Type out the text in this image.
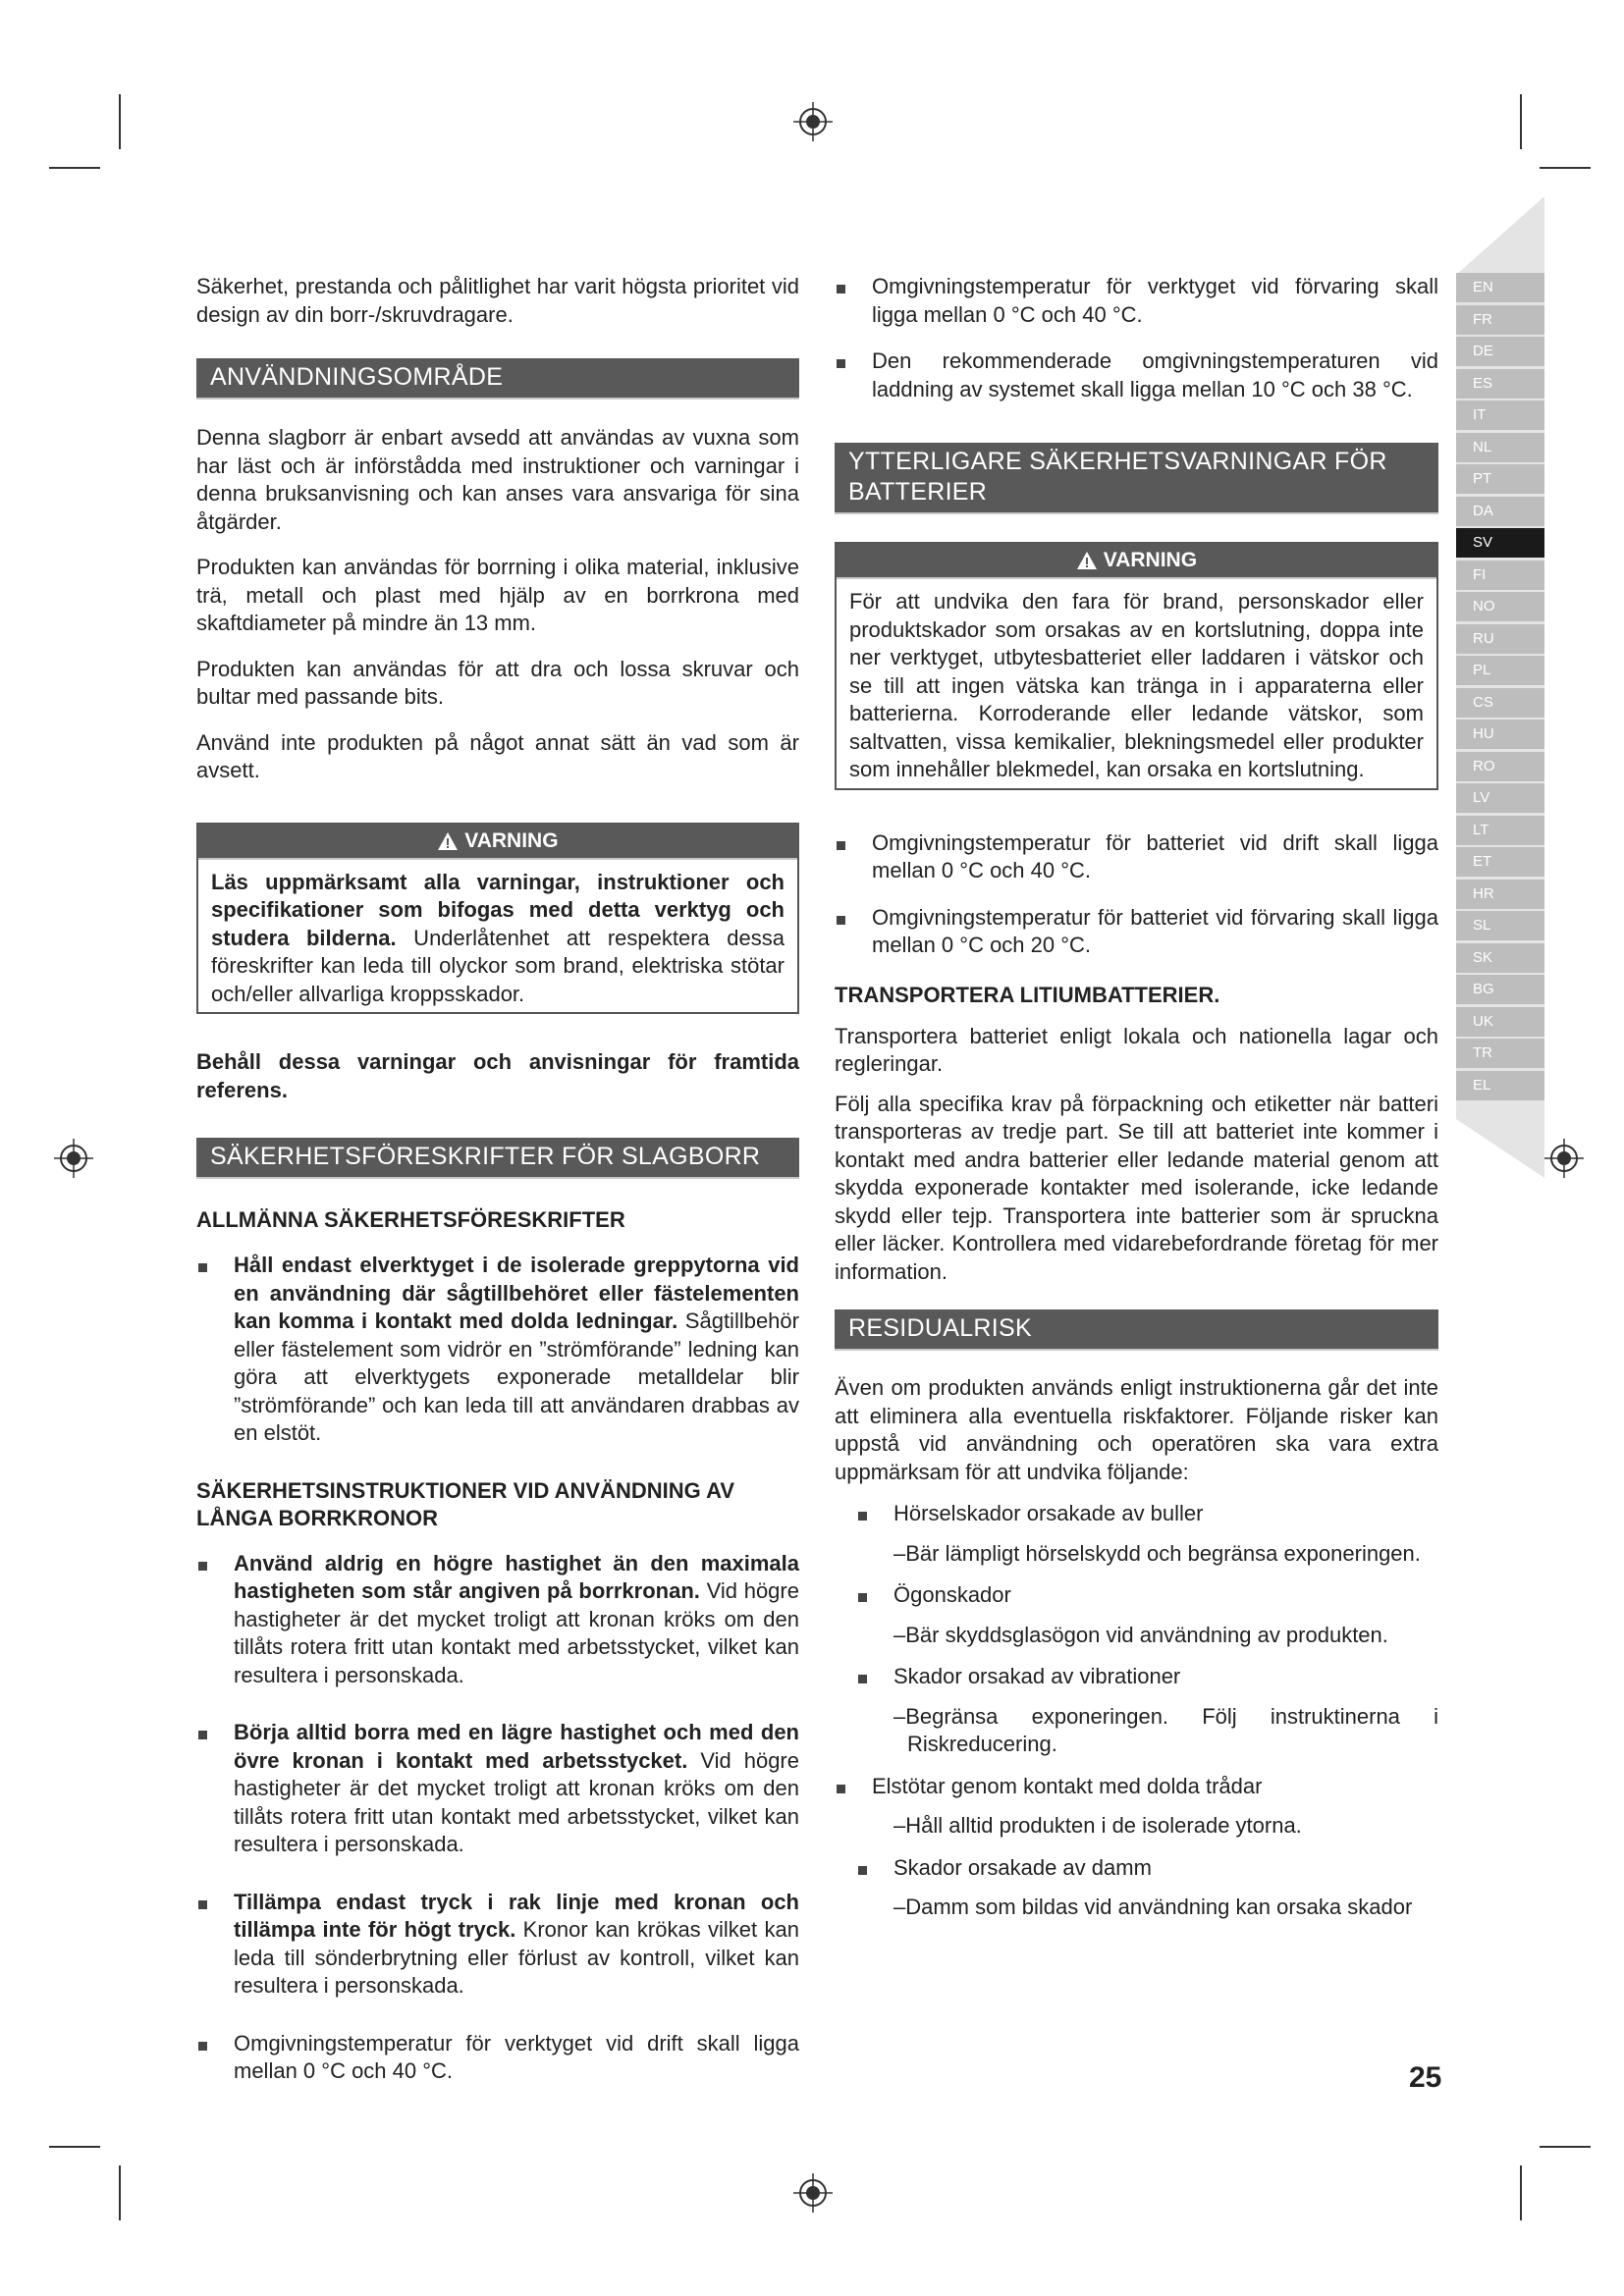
Säkerhet, prestanda och pålitlighet har varit högsta prioritet vid design av din borr-/skruvdragare.

ANVÄNDNINGSOMRÅDE

Denna slagborr är enbart avsedd att användas av vuxna som har läst och är införstådda med instruktioner och varningar i denna bruksanvisning och kan anses vara ansvariga för sina åtgärder.

Produkten kan användas för borrning i olika material, inklusive trä, metall och plast med hjälp av en borrkrona med skaftdiameter på mindre än 13 mm.

Produkten kan användas för att dra och lossa skruvar och bultar med passande bits.

Använd inte produkten på något annat sätt än vad som är avsett.

VARNING

Läs uppmärksamt alla varningar, instruktioner och specifikationer som bifogas med detta verktyg och studera bilderna. Underlåtenhet att respektera dessa föreskrifter kan leda till olyckor som brand, elektriska stötar och/eller allvarliga kroppsskador.

Behåll dessa varningar och anvisningar för framtida referens.

SÄKERHETSFÖRESKRIFTER FÖR SLAGBORR
ALLMÄNNA SÄKERHETSFÖRESKRIFTER

Håll endast elverktyget i de isolerade greppytorna vid en användning där sågtillbehöret eller fästelementen kan komma i kontakt med dolda ledningar. Sågtillbehör eller fästelement som vidrör en ”strömförande” ledning kan göra att elverktygets exponerade metalldelar blir ”strömförande” och kan leda till att användaren drabbas av en elstöt.

SÄKERHETSINSTRUKTIONER VID ANVÄNDNING AV LÅNGA BORRKRONOR

Använd aldrig en högre hastighet än den maximala hastigheten som står angiven på borrkronan. Vid högre hastigheter är det mycket troligt att kronan kröks om den tillåts rotera fritt utan kontakt med arbetsstycket, vilket kan resultera i personskada.

Börja alltid borra med en lägre hastighet och med den övre kronan i kontakt med arbetsstycket. Vid högre hastigheter är det mycket troligt att kronan kröks om den tillåts rotera fritt utan kontakt med arbetsstycket, vilket kan resultera i personskada.

Tillämpa endast tryck i rak linje med kronan och tillämpa inte för högt tryck. Kronor kan krökas vilket kan leda till sönderbrytning eller förlust av kontroll, vilket kan resultera i personskada.

Omgivningstemperatur för verktyget vid drift skall ligga mellan 0 °C och 40 °C.

Omgivningstemperatur för verktyget vid förvaring skall ligga mellan 0 °C och 40 °C.

Den rekommenderade omgivningstemperaturen vid laddning av systemet skall ligga mellan 10 °C och 38 °C.

YTTERLIGARE SÄKERHETSVARNINGAR FÖR BATTERIER
VARNING

För att undvika den fara för brand, personskador eller produktskador som orsakas av en kortslutning, doppa inte ner verktyget, utbytesbatteriet eller laddaren i vätskor och se till att ingen vätska kan tränga in i apparaterna eller batterierna. Korroderande eller ledande vätskor, som saltvatten, vissa kemikalier, blekningsmedel eller produkter som innehåller blekmedel, kan orsaka en kortslutning.

Omgivningstemperatur för batteriet vid drift skall ligga mellan 0 °C och 40 °C.

Omgivningstemperatur för batteriet vid förvaring skall ligga mellan 0 °C och 20 °C.

TRANSPORTERA LITIUMBATTERIER.

Transportera batteriet enligt lokala och nationella lagar och regleringar.

Följ alla specifika krav på förpackning och etiketter när batteri transporteras av tredje part. Se till att batteriet inte kommer i kontakt med andra batterier eller ledande material genom att skydda exponerade kontakter med isolerande, icke ledande skydd eller tejp. Transportera inte batterier som är spruckna eller läcker. Kontrollera med vidarebefordrande företag för mer information.

RESIDUALRISK

Även om produkten används enligt instruktionerna går det inte att eliminera alla eventuella riskfaktorer. Följande risker kan uppstå vid användning och operatören ska vara extra uppmärksam för att undvika följande:

Hörselskador orsakade av buller

–Bär lämpligt hörselskydd och begränsa exponeringen.

Ögonskador

–Bär skyddsglasögon vid användning av produkten.

Skador orsakad av vibrationer

–Begränsa exponeringen. Följ instruktinerna i Riskreducering.

Elstötar genom kontakt med dolda trådar

–Håll alltid produkten i de isolerade ytorna.

Skador orsakade av damm

–Damm som bildas vid användning kan orsaka skador

EN
FR
DE
ES
IT
NL
PT
DA
SV
FI
NO
RU
PL
CS
HU
RO
LV
LT
ET
HR
SL
SK
BG
UK
TR
EL
25
